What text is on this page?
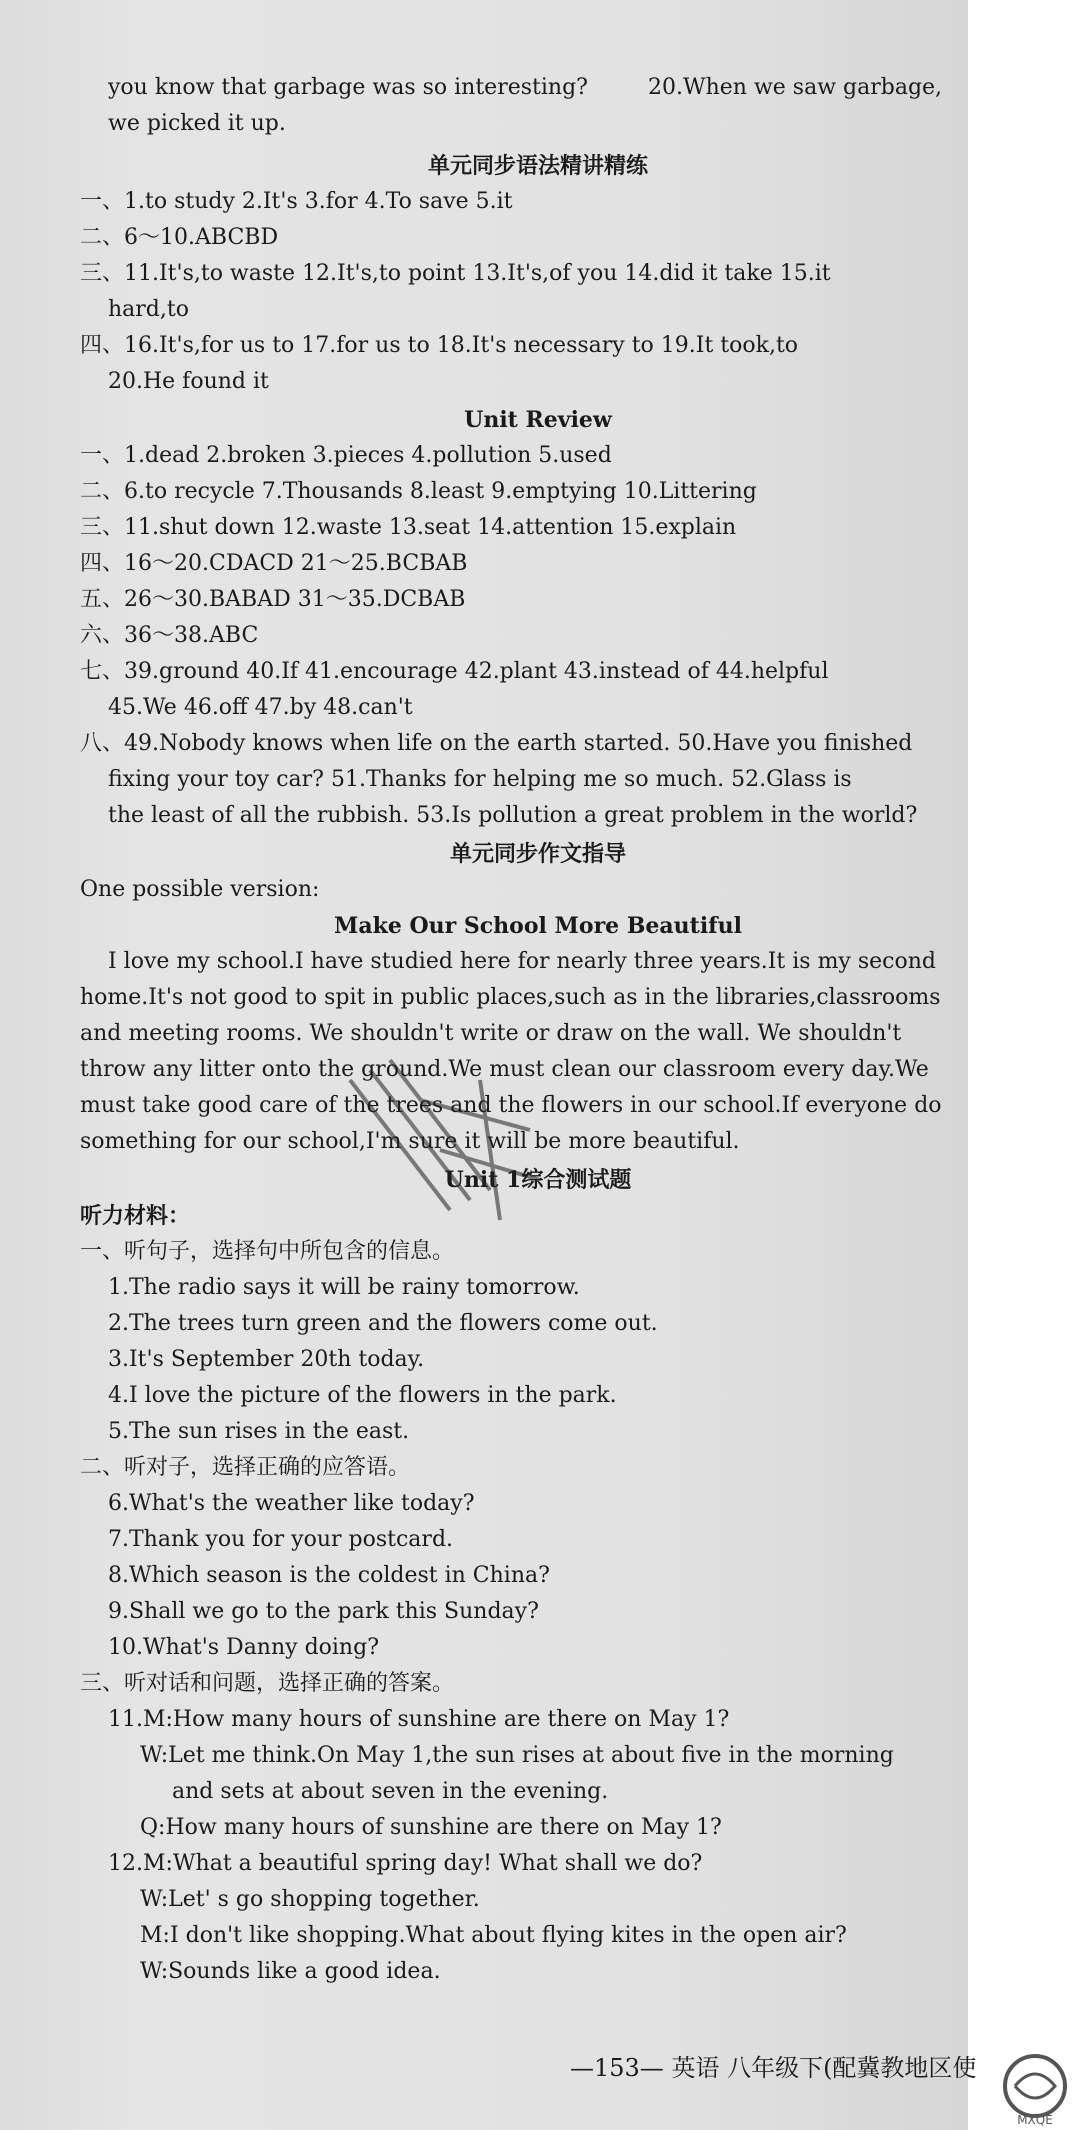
you know that garbage was so interesting?	20.When we saw garbage,
we picked it up.
单元同步语法精讲精练
一、1.to study 2.It's 3.for 4.To save 5.it
二、6～10.ABCBD
三、11.It's,to waste 12.It's,to point 13.It's,of you 14.did it take 15.it
hard,to
四、16.It's,for us to 17.for us to 18.It's necessary to 19.It took,to
20.He found it
Unit Review
一、1.dead 2.broken 3.pieces 4.pollution 5.used
二、6.to recycle 7.Thousands 8.least 9.emptying 10.Littering
三、11.shut down 12.waste 13.seat 14.attention 15.explain
四、16～20.CDACD 21～25.BCBAB
五、26～30.BABAD 31～35.DCBAB
六、36～38.ABC
七、39.ground 40.If 41.encourage 42.plant 43.instead of 44.helpful
45.We 46.off 47.by 48.can't
八、49.Nobody knows when life on the earth started. 50.Have you finished
fixing your toy car? 51.Thanks for helping me so much. 52.Glass is
the least of all the rubbish. 53.Is pollution a great problem in the world?
单元同步作文指导
One possible version:
Make Our School More Beautiful
I love my school.I have studied here for nearly three years.It is my second
home.It's not good to spit in public places,such as in the libraries,classrooms
and meeting rooms. We shouldn't write or draw on the wall. We shouldn't
throw any litter onto the ground.We must clean our classroom every day.We
must take good care of the trees and the flowers in our school.If everyone do
something for our school,I'm sure it will be more beautiful.
Unit 1综合测试题
听力材料：
一、听句子，选择句中所包含的信息。
1.The radio says it will be rainy tomorrow.
2.The trees turn green and the flowers come out.
3.It's September 20th today.
4.I love the picture of the flowers in the park.
5.The sun rises in the east.
二、听对子，选择正确的应答语。
6.What's the weather like today?
7.Thank you for your postcard.
8.Which season is the coldest in China?
9.Shall we go to the park this Sunday?
10.What's Danny doing?
三、听对话和问题，选择正确的答案。
11.M:How many hours of sunshine are there on May 1?
W:Let me think.On May 1,the sun rises at about five in the morning
and sets at about seven in the evening.
Q:How many hours of sunshine are there on May 1?
12.M:What a beautiful spring day! What shall we do?
W:Let' s go shopping together.
M:I don't like shopping.What about flying kites in the open air?
W:Sounds like a good idea.
—153— 英语 八年级下(配冀教地区使
MXQE
